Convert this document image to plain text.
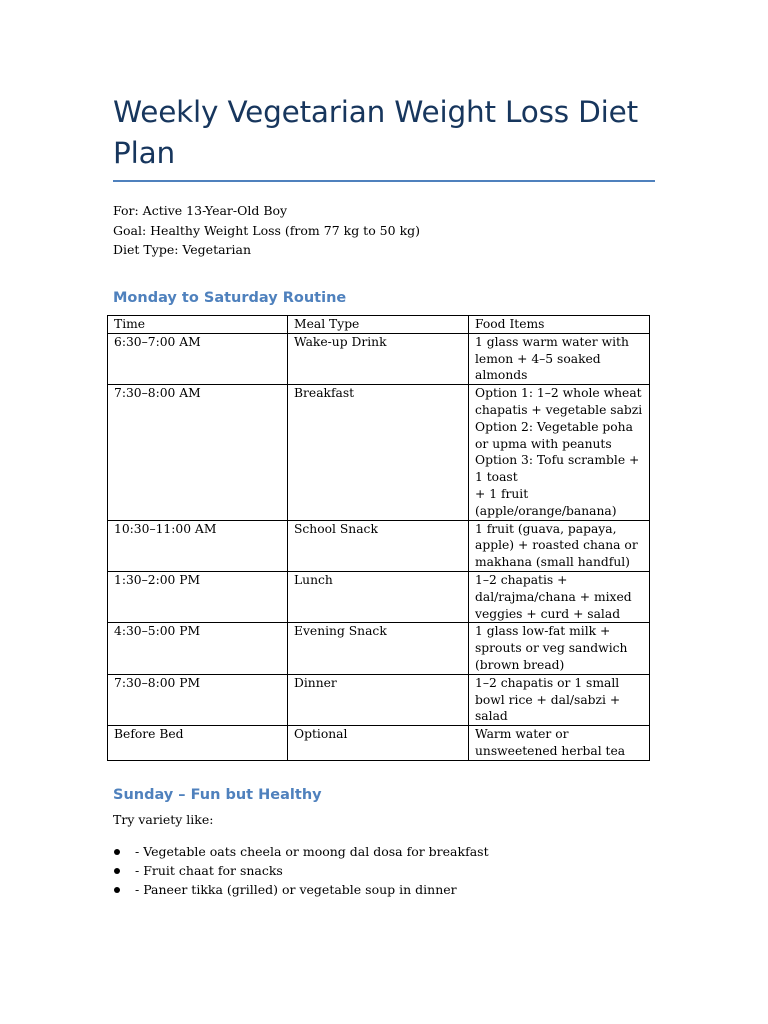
Weekly Vegetarian Weight Loss Diet Plan
For: Active 13-Year-Old Boy
Goal: Healthy Weight Loss (from 77 kg to 50 kg)
Diet Type: Vegetarian
Monday to Saturday Routine
Time	Meal Type	Food Items
6:30–7:00 AM	Wake-up Drink	1 glass warm water with lemon + 4–5 soaked almonds

7:30–8:00 AM	Breakfast	Option 1: 1–2 whole wheat chapatis + vegetable sabzi
Option 2: Vegetable poha or upma with peanuts
Option 3: Tofu scramble + 1 toast
+ 1 fruit (apple/orange/banana)

10:30–11:00 AM	School Snack	1 fruit (guava, papaya, apple) + roasted chana or makhana (small handful)

1:30–2:00 PM	Lunch	1–2 chapatis + dal/rajma/chana + mixed veggies + curd + salad

4:30–5:00 PM	Evening Snack	1 glass low-fat milk + sprouts or veg sandwich (brown bread)

7:30–8:00 PM	Dinner	1–2 chapatis or 1 small bowl rice + dal/sabzi + salad

Before Bed	Optional	Warm water or unsweetened herbal tea
Sunday – Fun but Healthy
Try variety like:
- Vegetable oats cheela or moong dal dosa for breakfast
- Fruit chaat for snacks
- Paneer tikka (grilled) or vegetable soup in dinner
